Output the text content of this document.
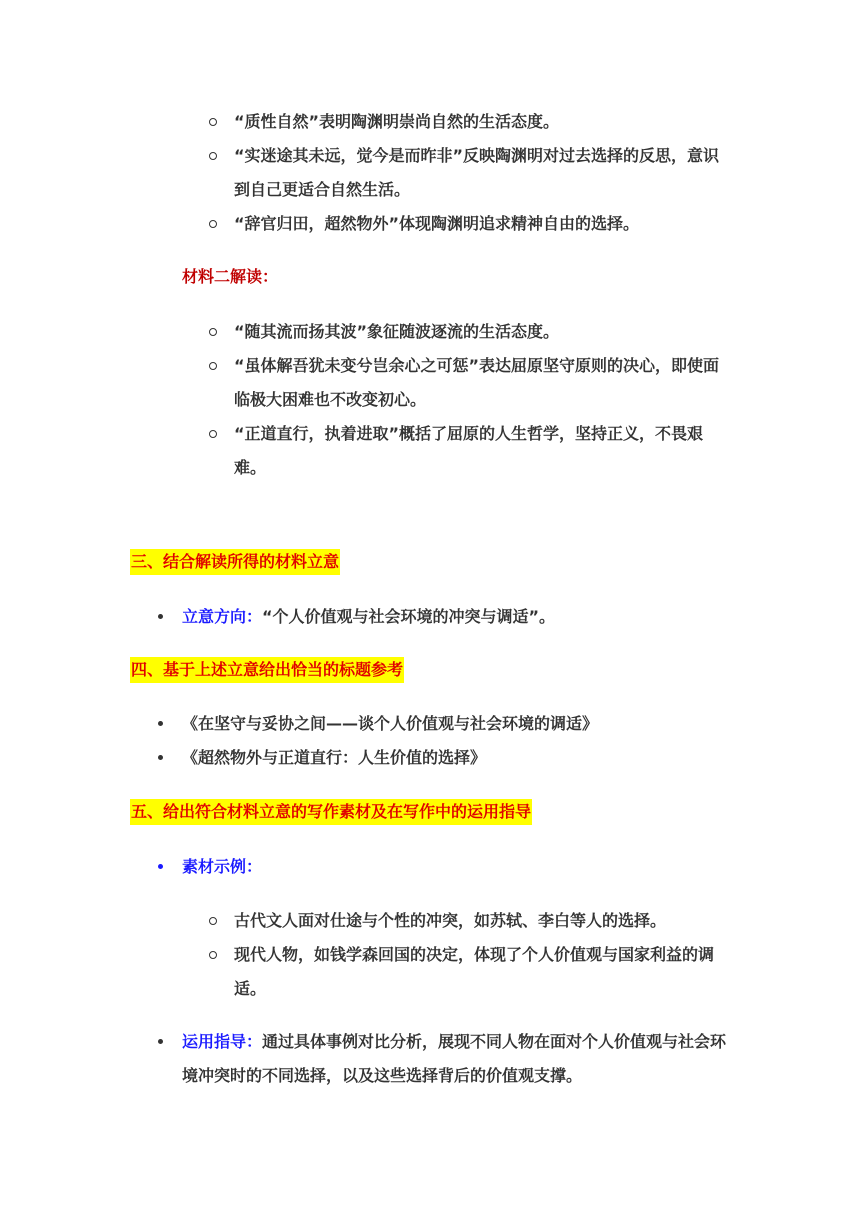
“质性自然”表明陶渊明崇尚自然的生活态度。
“实迷途其未远，觉今是而昨非”反映陶渊明对过去选择的反思，意识到自己更适合自然生活。
“辞官归田，超然物外”体现陶渊明追求精神自由的选择。
材料二解读：
“随其流而扬其波”象征随波逐流的生活态度。
“虽体解吾犹未变兮岂余心之可惩”表达屈原坚守原则的决心，即使面临极大困难也不改变初心。
“正道直行，执着进取”概括了屈原的人生哲学，坚持正义，不畏艰难。
三、结合解读所得的材料立意
立意方向：“个人价值观与社会环境的冲突与调适”。
四、基于上述立意给出恰当的标题参考
《在坚守与妥协之间——谈个人价值观与社会环境的调适》
《超然物外与正道直行：人生价值的选择》
五、给出符合材料立意的写作素材及在写作中的运用指导
素材示例：
古代文人面对仕途与个性的冲突，如苏轼、李白等人的选择。
现代人物，如钱学森回国的决定，体现了个人价值观与国家利益的调适。
运用指导：通过具体事例对比分析，展现不同人物在面对个人价值观与社会环境冲突时的不同选择，以及这些选择背后的价值观支撑。
